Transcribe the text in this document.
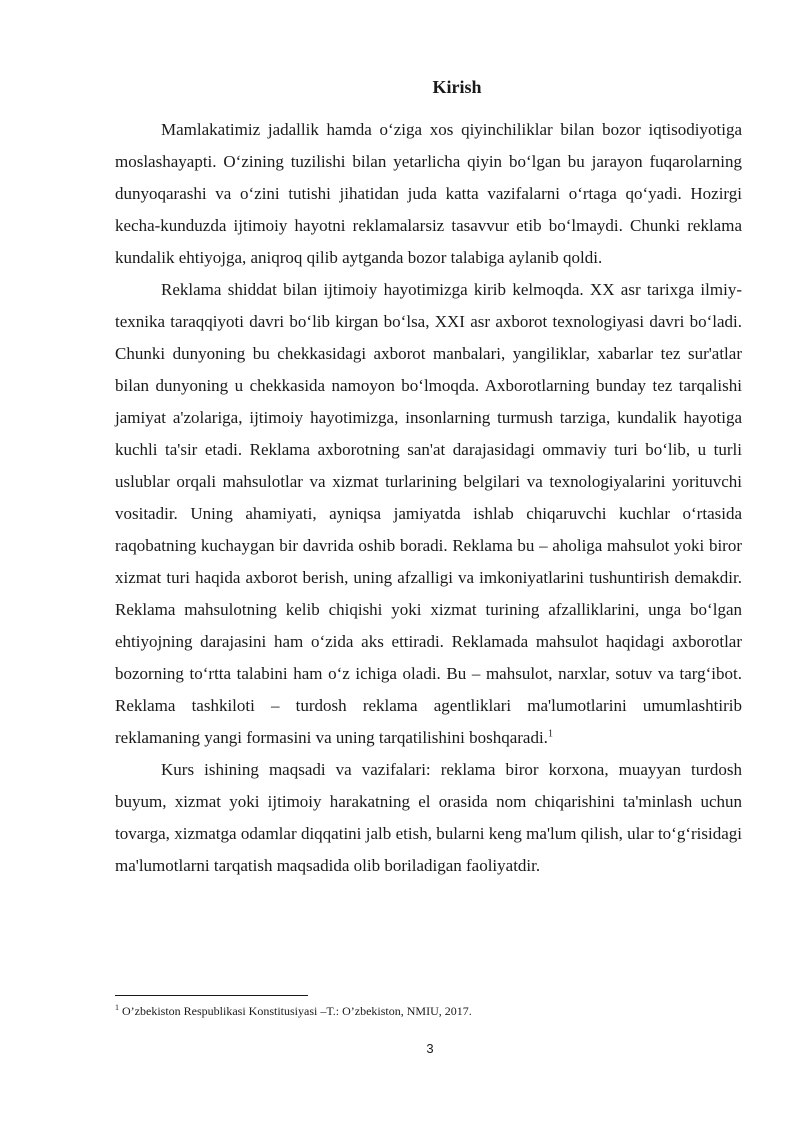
Kirish

Mamlakatimiz jadallik hamda o‘ziga xos qiyinchiliklar bilan bozor iqtisodiyotiga moslashayapti. O‘zining tuzilishi bilan yetarlicha qiyin bo‘lgan bu jarayon fuqarolarning dunyoqarashi va o‘zini tutishi jihatidan juda katta vazifalarni o‘rtaga qo‘yadi. Hozirgi kecha-kunduzda ijtimoiy hayotni reklamalarsiz tasavvur etib bo‘lmaydi. Chunki reklama kundalik ehtiyojga, aniqroq qilib aytganda bozor talabiga aylanib qoldi.

Reklama shiddat bilan ijtimoiy hayotimizga kirib kelmoqda. XX asr tarixga ilmiy-texnika taraqqiyoti davri bo‘lib kirgan bo‘lsa, XXI asr axborot texnologiyasi davri bo‘ladi. Chunki dunyoning bu chekkasidagi axborot manbalari, yangiliklar, xabarlar tez sur'atlar bilan dunyoning u chekkasida namoyon bo‘lmoqda. Axborotlarning bunday tez tarqalishi jamiyat a'zolariga, ijtimoiy hayotimizga, insonlarning turmush tarziga, kundalik hayotiga kuchli ta'sir etadi. Reklama axborotning san'at darajasidagi ommaviy turi bo‘lib, u turli uslublar orqali mahsulotlar va xizmat turlarining belgilari va texnologiyalarini yorituvchi vositadir. Uning ahamiyati, ayniqsa jamiyatda ishlab chiqaruvchi kuchlar o‘rtasida raqobatning kuchaygan bir davrida oshib boradi. Reklama bu – aholiga mahsulot yoki biror xizmat turi haqida axborot berish, uning afzalligi va imkoniyatlarini tushuntirish demakdir. Reklama mahsulotning kelib chiqishi yoki xizmat turining afzalliklarini, unga bo‘lgan ehtiyojning darajasini ham o‘zida aks ettiradi. Reklamada mahsulot haqidagi axborotlar bozorning to‘rtta talabini ham o‘z ichiga oladi. Bu – mahsulot, narxlar, sotuv va targ‘ibot. Reklama tashkiloti – turdosh reklama agentliklari ma'lumotlarini umumlashtirib reklamaning yangi formasini va uning tarqatilishini boshqaradi.$^1$

Kurs ishining maqsadi va vazifalari: reklama biror korxona, muayyan turdosh buyum, xizmat yoki ijtimoiy harakatning el orasida nom chiqarishini ta'minlash uchun tovarga, xizmatga odamlar diqqatini jalb etish, bularni keng ma'lum qilish, ular to‘g‘risidagi ma'lumotlarni tarqatish maqsadida olib boriladigan faoliyatdir.

$^1$ O’zbekiston Respublikasi Konstitusiyasi –T.: O’zbekiston, NMIU, 2017.
3
